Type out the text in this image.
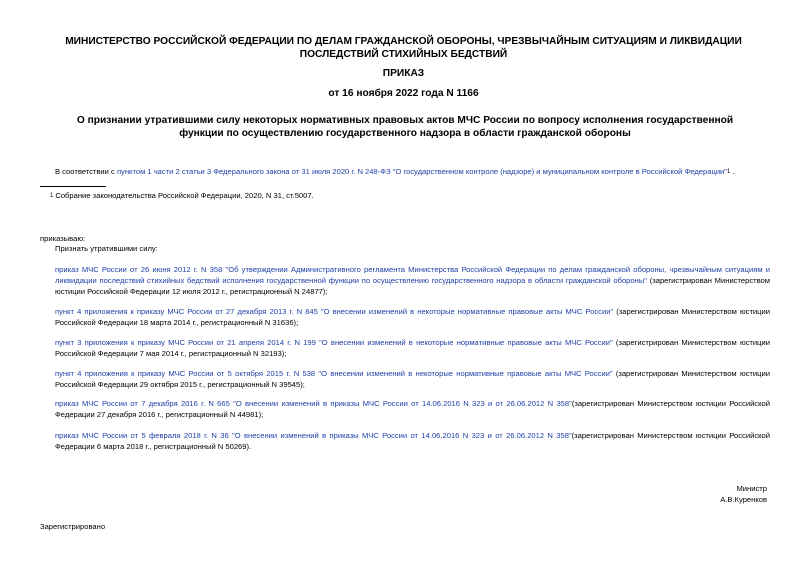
МИНИСТЕРСТВО РОССИЙСКОЙ ФЕДЕРАЦИИ ПО ДЕЛАМ ГРАЖДАНСКОЙ ОБОРОНЫ, ЧРЕЗВЫЧАЙНЫМ СИТУАЦИЯМ И ЛИКВИДАЦИИ ПОСЛЕДСТВИЙ СТИХИЙНЫХ БЕДСТВИЙ
ПРИКАЗ
от 16 ноября 2022 года N 1166
О признании утратившими силу некоторых нормативных правовых актов МЧС России по вопросу исполнения государственной функции по осуществлению государственного надзора в области гражданской обороны
В соответствии с пунктом 1 части 2 статьи 3 Федерального закона от 31 июля 2020 г. N 248-ФЗ "О государственном контроле (надзоре) и муниципальном контроле в Российской Федерации"$^1$ .
1 Собрание законодательства Российской Федерации, 2020, N 31, ст.5007.
приказываю:
Признать утратившими силу:
приказ МЧС России от 26 июня 2012 г. N 358 "Об утверждении Административного регламента Министерства Российской Федерации по делам гражданской обороны, чрезвычайным ситуациям и ликвидации последствий стихийных бедствий исполнения государственной функции по осуществлению государственного надзора в области гражданской обороны" (зарегистрирован Министерством юстиции Российской Федерации 12 июля 2012 г., регистрационный N 24877);
пункт 4 приложения к приказу МЧС России от 27 декабря 2013 г. N 845 "О внесении изменений в некоторые нормативные правовые акты МЧС России" (зарегистрирован Министерством юстиции Российской Федерации 18 марта 2014 г., регистрационный N 31636);
пункт 3 приложения к приказу МЧС России от 21 апреля 2014 г. N 199 "О внесении изменений в некоторые нормативные правовые акты МЧС России" (зарегистрирован Министерством юстиции Российской Федерации 7 мая 2014 г., регистрационный N 32193);
пункт 4 приложения к приказу МЧС России от 5 октября 2015 г. N 538 "О внесении изменений в некоторые нормативные правовые акты МЧС России" (зарегистрирован Министерством юстиции Российской Федерации 29 октября 2015 г., регистрационный N 39545);
приказ МЧС России от 7 декабря 2016 г. N 665 "О внесении изменений в приказы МЧС России от 14.06.2016 N 323 и от 26.06.2012 N 358"(зарегистрирован Министерством юстиции Российской Федерации 27 декабря 2016 г., регистрационный N 44981);
приказ МЧС России от 5 февраля 2018 г. N 36 "О внесении изменений в приказы МЧС России от 14.06.2016 N 323 и от 26.06.2012 N 358"(зарегистрирован Министерством юстиции Российской Федерации 6 марта 2018 г., регистрационный N 50269).
Министр
А.В.Куренков
Зарегистрировано
